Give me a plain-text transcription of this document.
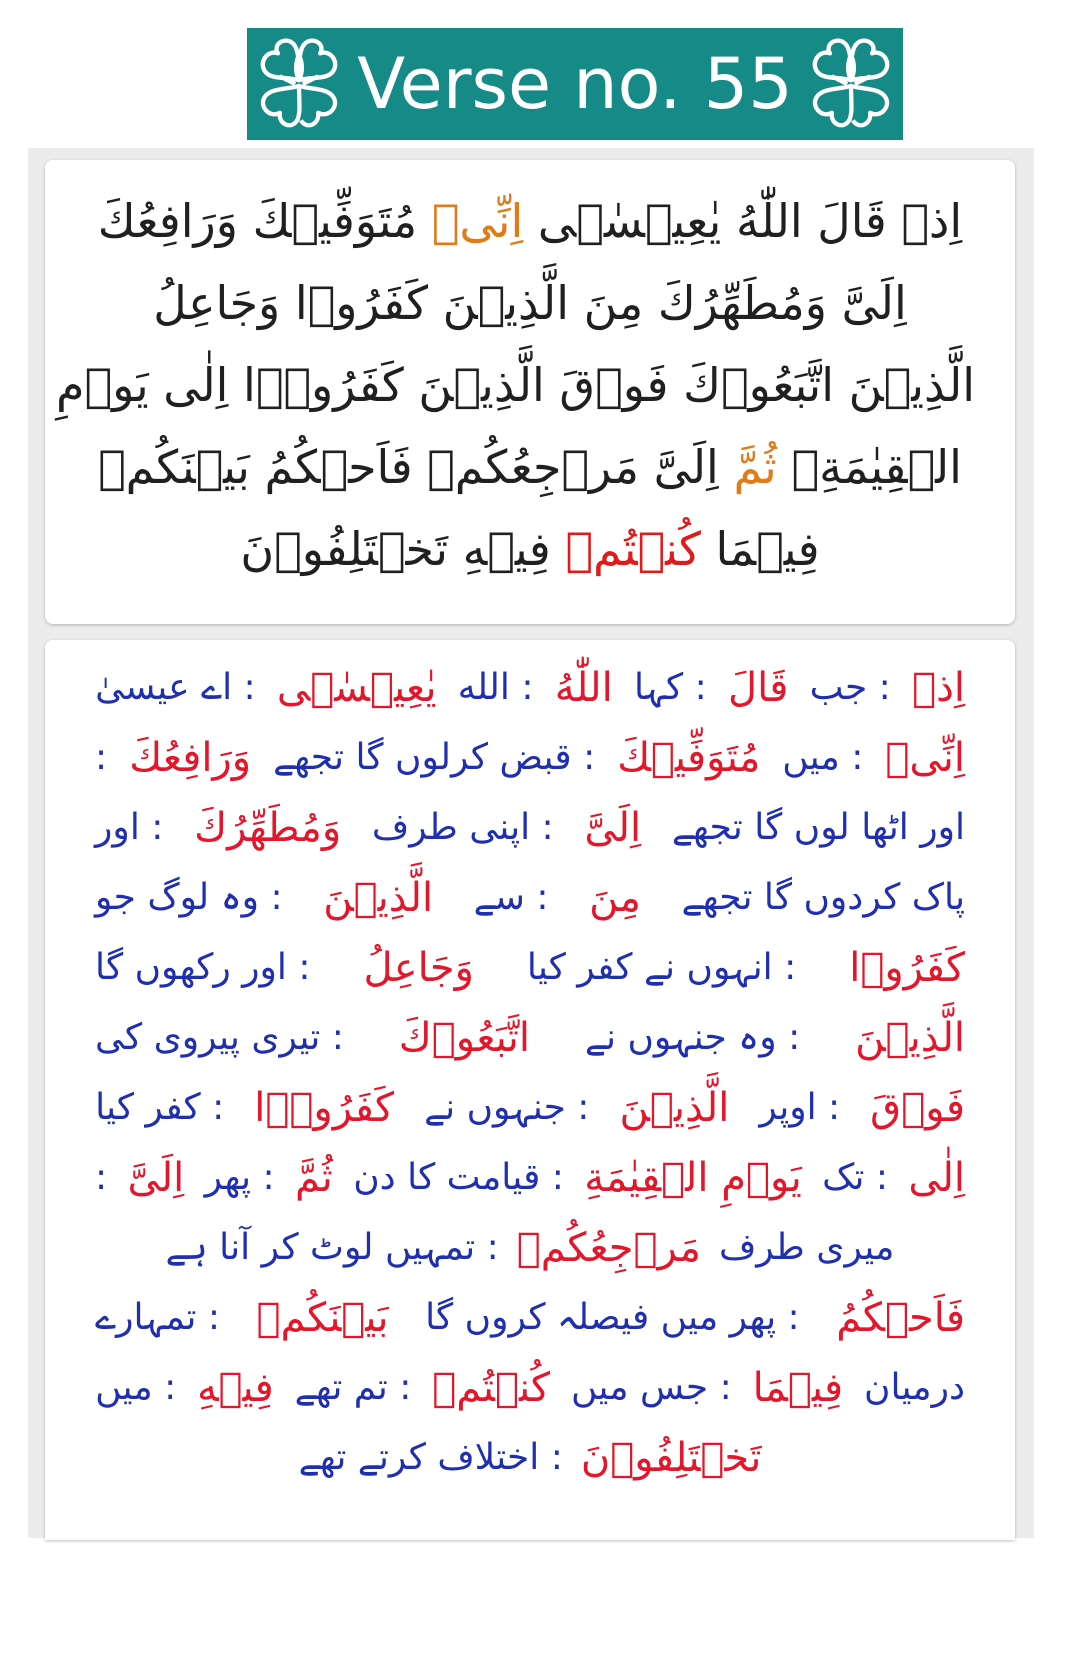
Verse no. 55
اِذۡ قَالَ اللّٰهُ يٰعِيۡسٰۤى اِنِّىۡ مُتَوَفِّيۡكَ وَرَافِعُكَ
اِلَىَّ وَمُطَهِّرُكَ مِنَ الَّذِيۡنَ كَفَرُوۡا وَجَاعِلُ
الَّذِيۡنَ اتَّبَعُوۡكَ فَوۡقَ الَّذِيۡنَ كَفَرُوۡۤا اِلٰى يَوۡمِ
الۡقِيٰمَةِ​ۚ ثُمَّ اِلَىَّ مَرۡجِعُكُمۡ فَاَحۡكُمُ بَيۡنَكُمۡ
فِيۡمَا كُنۡتُمۡ فِيۡهِ تَخۡتَلِفُوۡنَ
اِذۡ
: جب
قَالَ
: کہا
اللّٰهُ
: الله
يٰعِيۡسٰۤى
: اے عیسیٰ
اِنِّىۡ
: میں
مُتَوَفِّيۡكَ
: قبض کرلوں گا تجھے
وَرَافِعُكَ
:
اور اٹھا لوں گا تجھے
اِلَىَّ
: اپنی طرف
وَمُطَهِّرُكَ
: اور
پاک کردوں گا تجھے
مِنَ
: سے
الَّذِيۡنَ
: وہ لوگ جو
كَفَرُوۡا
: انہوں نے کفر کیا
وَجَاعِلُ
: اور رکھوں گا
الَّذِيۡنَ
: وہ جنہوں نے
اتَّبَعُوۡكَ
: تیری پیروی کی
فَوۡقَ
: اوپر
الَّذِيۡنَ
: جنہوں نے
كَفَرُوۡۤا
: کفر کیا
اِلٰى
: تک
يَوۡمِ الۡقِيٰمَةِ
: قیامت کا دن
ثُمَّ
: پھر
اِلَىَّ
:
میری طرف
مَرۡجِعُكُمۡ
: تمہیں لوٹ کر آنا ہے
فَاَحۡكُمُ
: پھر میں فیصلہ کروں گا
بَيۡنَكُمۡ
: تمہارے
درمیان
فِيۡمَا
: جس میں
كُنۡتُمۡ
: تم تھے
فِيۡهِ
: میں
تَخۡتَلِفُوۡنَ
: اختلاف کرتے تھے
